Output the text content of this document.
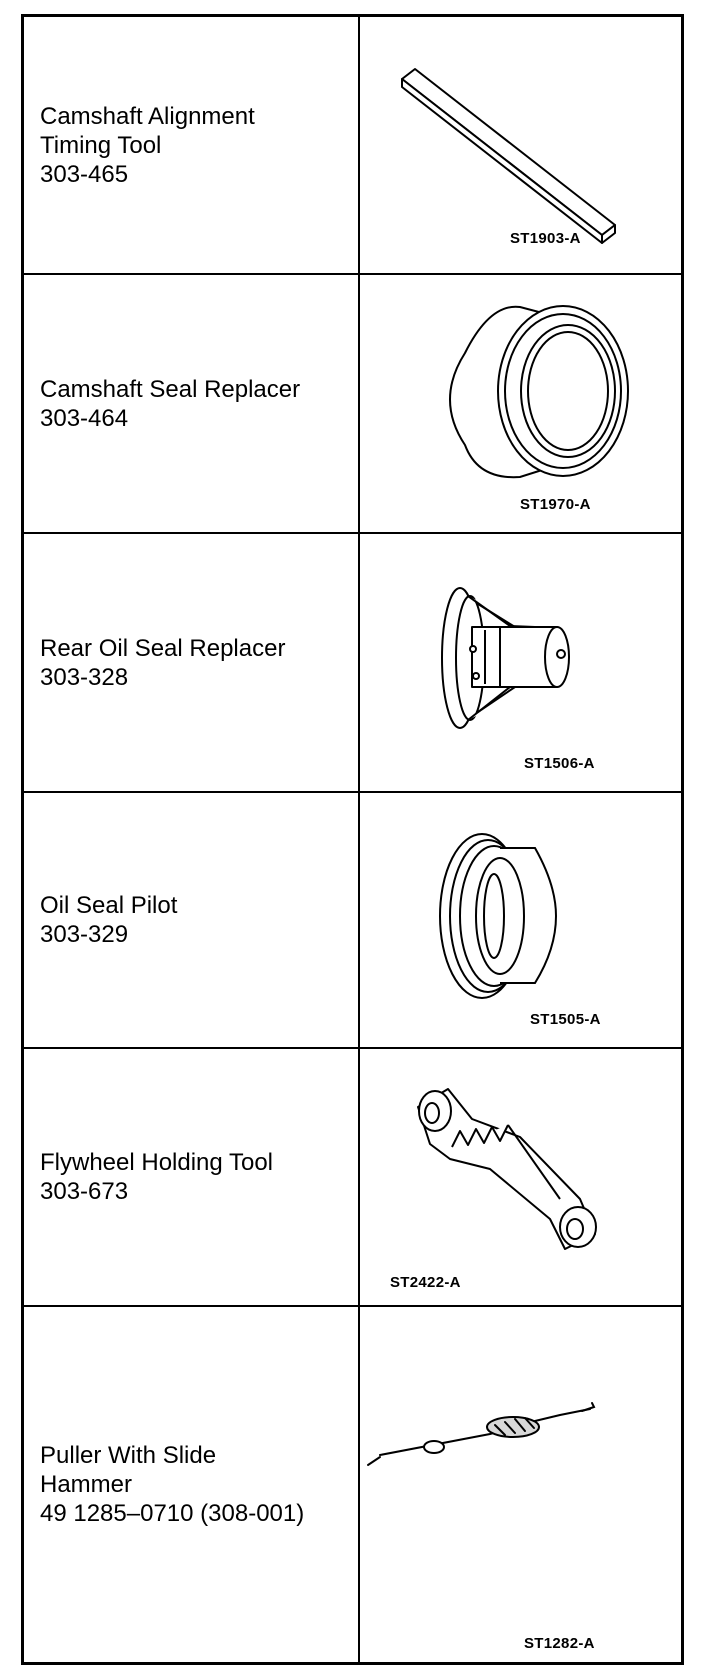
Camshaft Alignment
Timing Tool
303-465
ST1903-A
Camshaft Seal Replacer
303-464
ST1970-A
Rear Oil Seal Replacer
303-328
ST1506-A
Oil Seal Pilot
303-329
ST1505-A
Flywheel Holding Tool
303-673
ST2422-A
Puller With Slide
Hammer
49 1285–0710 (308-001)
ST1282-A
